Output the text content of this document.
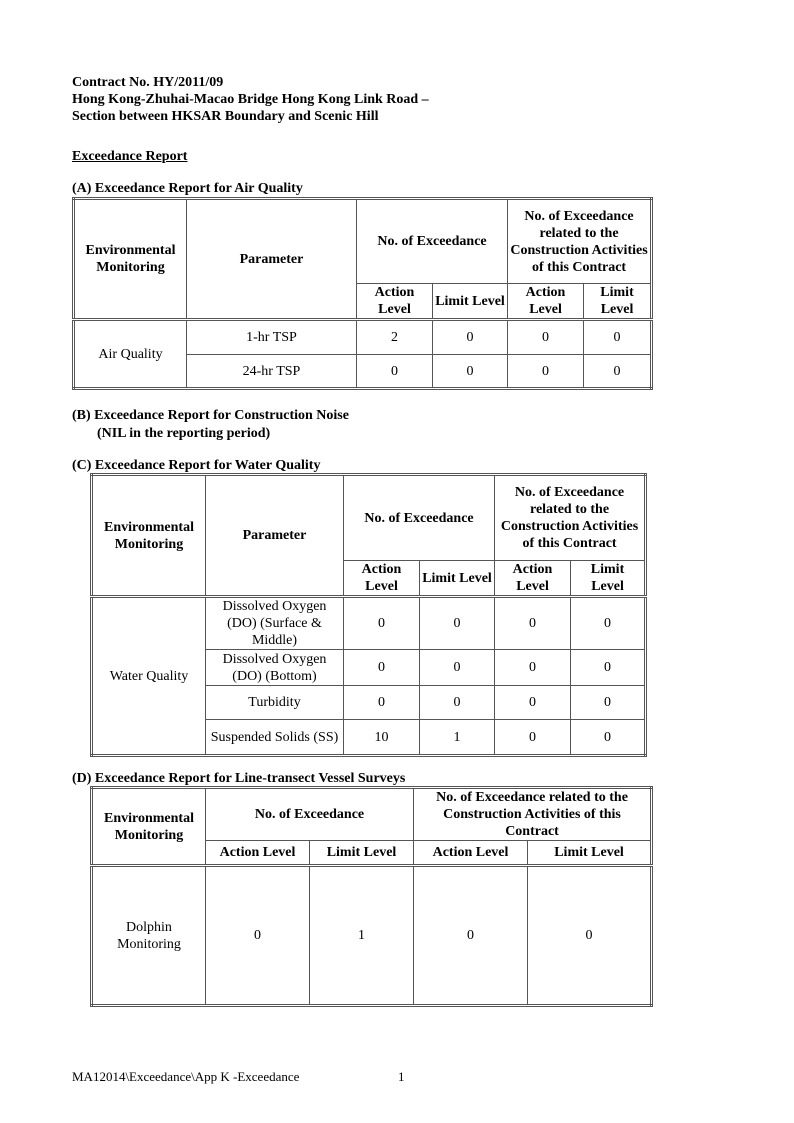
Contract No. HY/2011/09
Hong Kong-Zhuhai-Macao Bridge Hong Kong Link Road –
Section between HKSAR Boundary and Scenic Hill
Exceedance Report
(A) Exceedance Report for Air Quality
Environmental Monitoring	Parameter	No. of Exceedance		No. of Exceedance related to the Construction Activities of this Contract	
		Action Level	Limit Level	Action Level	Limit Level
Air Quality	1-hr TSP	2	0	0	0
	24-hr TSP	0	0	0	0
(B) Exceedance Report for Construction Noise
(NIL in the reporting period)
(C) Exceedance Report for Water Quality
Environmental Monitoring	Parameter	No. of Exceedance		No. of Exceedance related to the Construction Activities of this Contract	
		Action Level	Limit Level	Action Level	Limit Level
Water Quality	Dissolved Oxygen (DO) (Surface & Middle)	0	0	0	0
	Dissolved Oxygen (DO) (Bottom)	0	0	0	0
	Turbidity	0	0	0	0
	Suspended Solids (SS)	10	1	0	0
(D) Exceedance Report for Line-transect Vessel Surveys
Environmental Monitoring	No. of Exceedance		No. of Exceedance related to the Construction Activities of this Contract	
	Action Level	Limit Level	Action Level	Limit Level
Dolphin Monitoring	0	1	0	0
MA12014\Exceedance\App K -Exceedance	1
